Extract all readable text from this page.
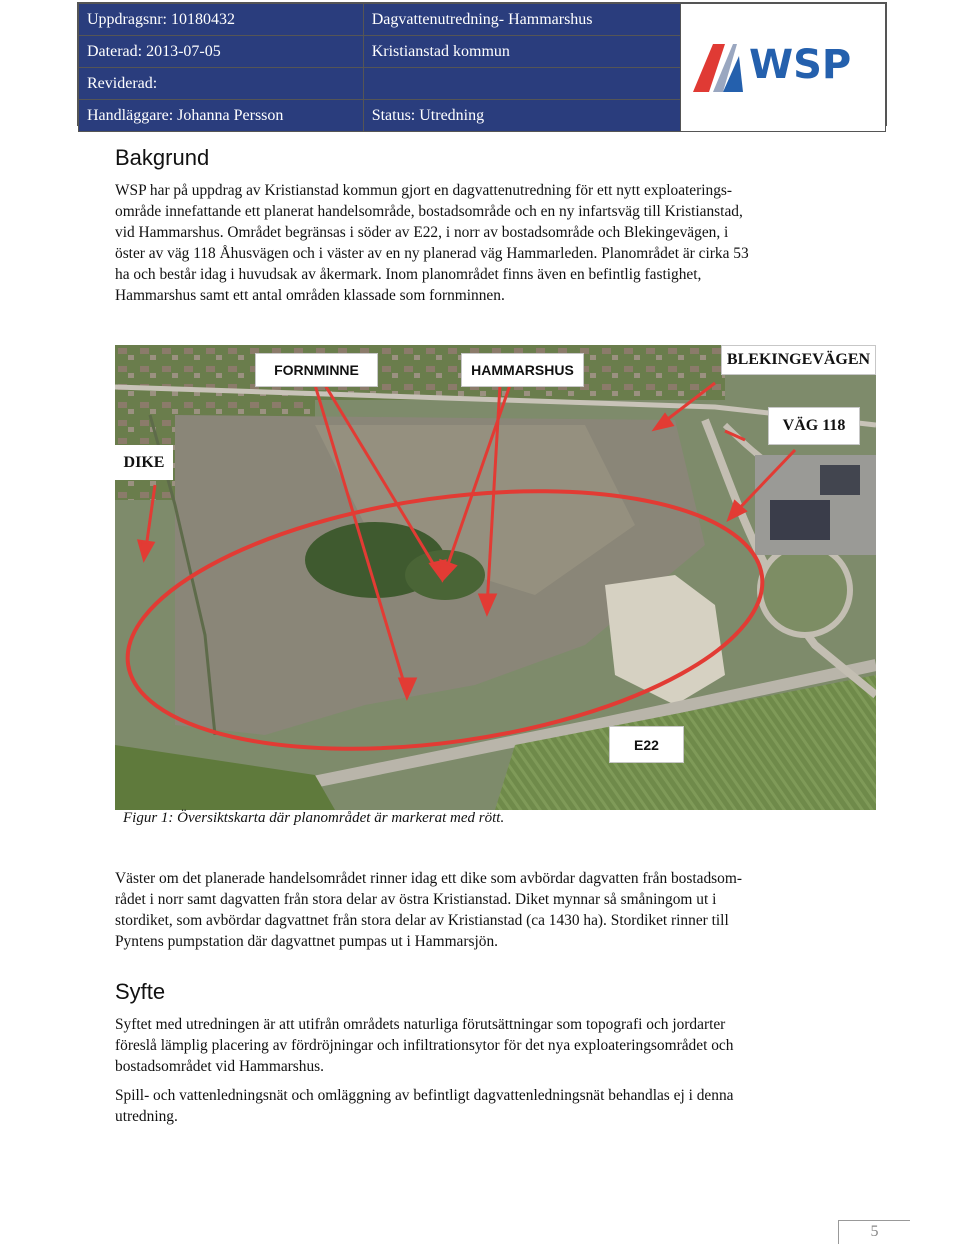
Uppdragsnr: 10180432	Dagvattenutredning- Hammarshus	WSP

Daterad: 2013-07-05	Kristianstad kommun	
Reviderad:		
Handläggare: Johanna Persson	Status: Utredning	
Bakgrund

WSP har på uppdrag av Kristianstad kommun gjort en dagvattenutredning för ett nytt exploaterings-
område innefattande ett planerat handelsområde, bostadsområde och en ny infartsväg till Kristianstad,
vid Hammarshus. Området begränsas i söder av E22, i norr av bostadsområde och Blekingevägen, i
öster av väg 118 Åhusvägen och i väster av en ny planerad väg Hammarleden. Planområdet är cirka 53
ha och består idag i huvudsak av åkermark. Inom planområdet finns även en befintlig fastighet,
Hammarshus samt ett antal områden klassade som fornminnen.

FORNMINNE	HAMMARSHUS
BLEKINGEVÄGEN
VÄG 118
DIKE
E22
Figur 1: Översiktskarta där planområdet är markerat med rött.

Väster om det planerade handelsområdet rinner idag ett dike som avbördar dagvatten från bostadsom-
rådet i norr samt dagvatten från stora delar av östra Kristianstad. Diket mynnar så småningom ut i
stordiket, som avbördar dagvattnet från stora delar av Kristianstad (ca 1430 ha). Stordiket rinner till
Pyntens pumpstation där dagvattnet pumpas ut i Hammarsjön.

Syfte

Syftet med utredningen är att utifrån områdets naturliga förutsättningar som topografi och jordarter
föreslå lämplig placering av fördröjningar och infiltrationsytor för det nya exploateringsområdet och
bostadsområdet vid Hammarshus.

Spill- och vattenledningsnät och omläggning av befintligt dagvattenledningsnät behandlas ej i denna
utredning.

5
